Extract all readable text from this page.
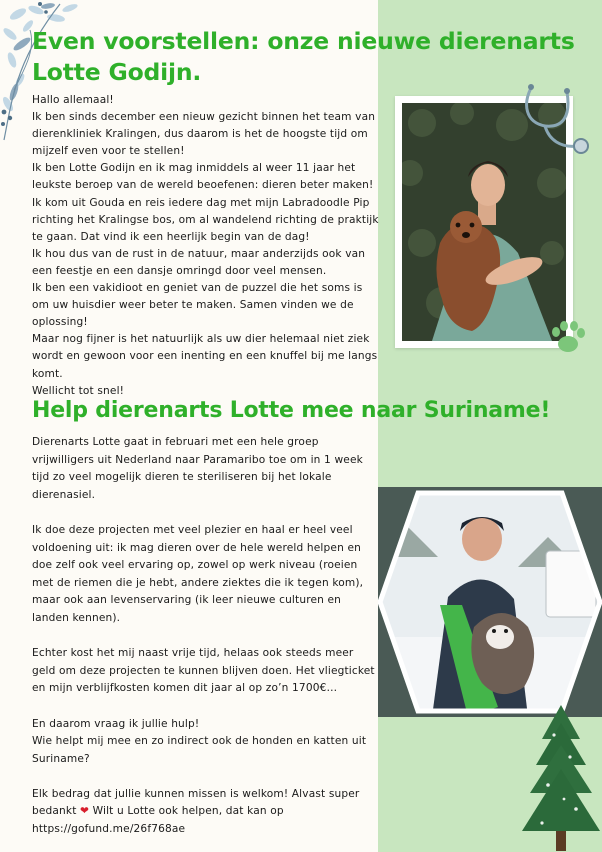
Even voorstellen: onze nieuwe dierenarts
Lotte Godijn.

Hallo allemaal!

Ik ben sinds december een nieuw gezicht binnen het team van dierenkliniek Kralingen, dus daarom is het de hoogste tijd om mijzelf even voor te stellen!

Ik ben Lotte Godijn en ik mag inmiddels al weer 11 jaar het leukste beroep van de wereld beoefenen: dieren beter maken!

Ik kom uit Gouda en reis iedere dag met mijn Labradoodle Pip richting het Kralingse bos, om al wandelend richting de praktijk te gaan. Dat vind ik een heerlijk begin van de dag!

Ik hou dus van de rust in de natuur, maar anderzijds ook van een feestje en een dansje omringd door veel mensen.

Ik ben een vakidioot en geniet van de puzzel die het soms is om uw huisdier weer beter te maken. Samen vinden we de oplossing!

Maar nog fijner is het natuurlijk als uw dier helemaal niet ziek wordt en gewoon voor een inenting en een knuffel bij me langs komt.

Wellicht tot snel!

Help dierenarts Lotte mee naar Suriname!

Dierenarts Lotte gaat in februari met een hele groep vrijwilligers uit Nederland naar Paramaribo toe om in 1 week tijd zo veel mogelijk dieren te steriliseren bij het lokale dierenasiel.

Ik doe deze projecten met veel plezier en haal er heel veel voldoening uit: ik mag dieren over de hele wereld helpen en doe zelf ook veel ervaring op, zowel op werk niveau (roeien met de riemen die je hebt, andere ziektes die ik tegen kom), maar ook aan levenservaring (ik leer nieuwe culturen en landen kennen).

Echter kost het mij naast vrije tijd, helaas ook steeds meer geld om deze projecten te kunnen blijven doen. Het vliegticket en mijn verblijfkosten komen dit jaar al op zo’n 1700€…

En daarom vraag ik jullie hulp!
Wie helpt mij mee en zo indirect ook de honden en katten uit Suriname?

Elk bedrag dat jullie kunnen missen is welkom! Alvast super bedankt ❤ Wilt u Lotte ook helpen, dat kan op https://gofund.me/26f768ae
